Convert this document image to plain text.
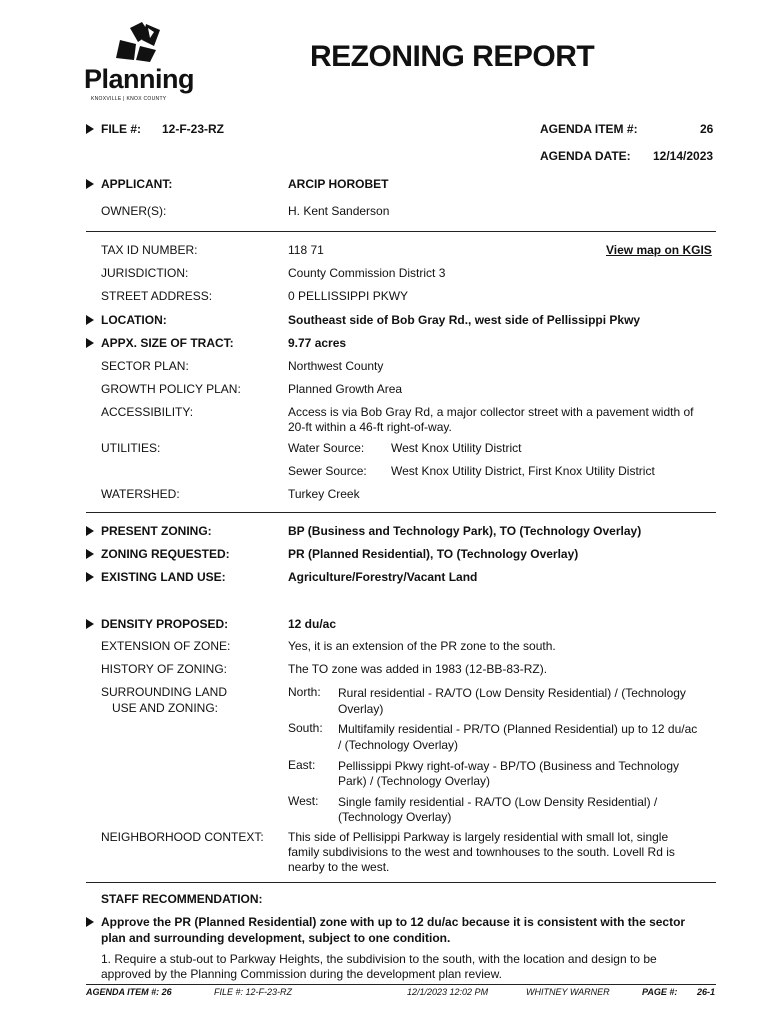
Planning
KNOXVILLE | KNOX COUNTY
REZONING REPORT
FILE #: 12-F-23-RZ	AGENDA ITEM #:	26
AGENDA DATE: 12/14/2023
APPLICANT:	ARCIP HOROBET
OWNER(S):	H. Kent Sanderson
TAX ID NUMBER:	118 71	View map on KGIS
JURISDICTION:	County Commission District 3
STREET ADDRESS:	0 PELLISSIPPI PKWY
LOCATION:	Southeast side of Bob Gray Rd., west side of Pellissippi Pkwy
APPX. SIZE OF TRACT:	9.77 acres
SECTOR PLAN:	Northwest County
GROWTH POLICY PLAN:	Planned Growth Area
ACCESSIBILITY:	Access is via Bob Gray Rd, a major collector street with a pavement width of
20-ft within a 46-ft right-of-way.
UTILITIES:	Water Source: West Knox Utility District
Sewer Source: West Knox Utility District, First Knox Utility District
WATERSHED:	Turkey Creek
PRESENT ZONING:	BP (Business and Technology Park), TO (Technology Overlay)
ZONING REQUESTED:	PR (Planned Residential), TO (Technology Overlay)
EXISTING LAND USE:	Agriculture/Forestry/Vacant Land
DENSITY PROPOSED:	12 du/ac
EXTENSION OF ZONE:	Yes, it is an extension of the PR zone to the south.
HISTORY OF ZONING:	The TO zone was added in 1983 (12-BB-83-RZ).
SURROUNDING LAND
USE AND ZONING:
North: Rural residential - RA/TO (Low Density Residential) / (Technology
Overlay)
South: Multifamily residential - PR/TO (Planned Residential) up to 12 du/ac
/ (Technology Overlay)
East: Pellissippi Pkwy right-of-way - BP/TO (Business and Technology
Park) / (Technology Overlay)
West: Single family residential - RA/TO (Low Density Residential) /
(Technology Overlay)
NEIGHBORHOOD CONTEXT: This side of Pellisippi Parkway is largely residential with small lot, single
family subdivisions to the west and townhouses to the south. Lovell Rd is
nearby to the west.
STAFF RECOMMENDATION:
Approve the PR (Planned Residential) zone with up to 12 du/ac because it is consistent with the sector
plan and surrounding development, subject to one condition.
1. Require a stub-out to Parkway Heights, the subdivision to the south, with the location and design to be
approved by the Planning Commission during the development plan review.
AGENDA ITEM #: 26	FILE #: 12-F-23-RZ	12/1/2023 12:02 PM	WHITNEY WARNER	PAGE #: 26-1
